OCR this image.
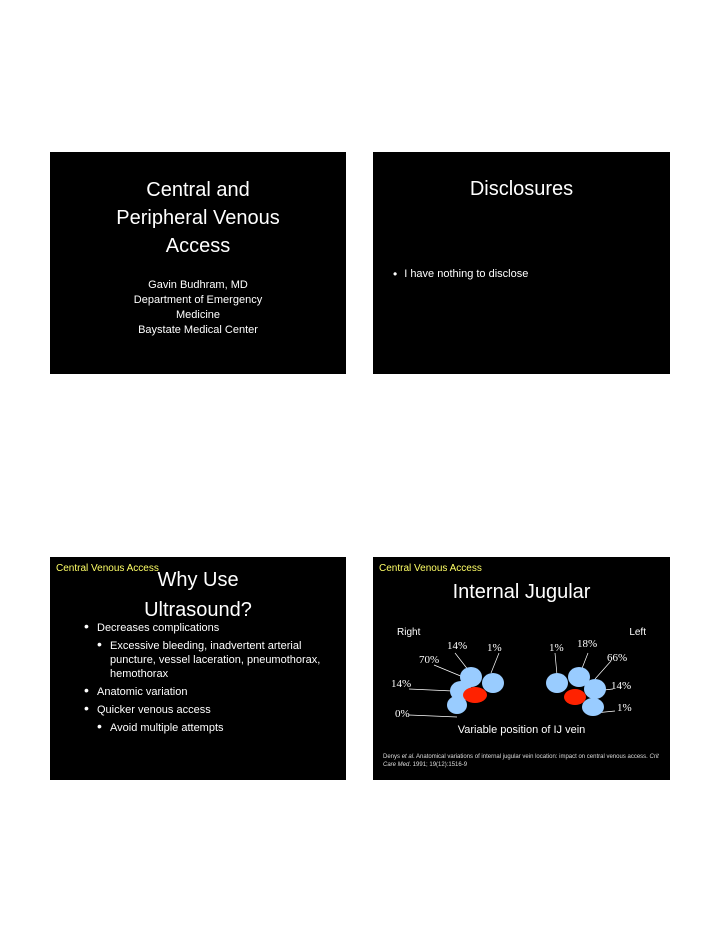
Central and
Peripheral Venous
Access
Gavin Budhram, MD
Department of Emergency
Medicine
Baystate Medical Center
Disclosures
• I have nothing to disclose
Central Venous Access
Why Use
Ultrasound?
• Decreases complications
• Excessive bleeding, inadvertent arterial puncture, vessel laceration, pneumothorax, hemothorax
• Anatomic variation
• Quicker venous access
• Avoid multiple attempts
Central Venous Access
Internal Jugular
Right	Left
14% 1%
70%
14%
0%
1% 18%
66%
14%
1%
Variable position of IJ vein
Denys et al. Anatomical variations of internal jugular vein location: impact on central venous access. Crit Care Med. 1991; 19(12):1516-9
